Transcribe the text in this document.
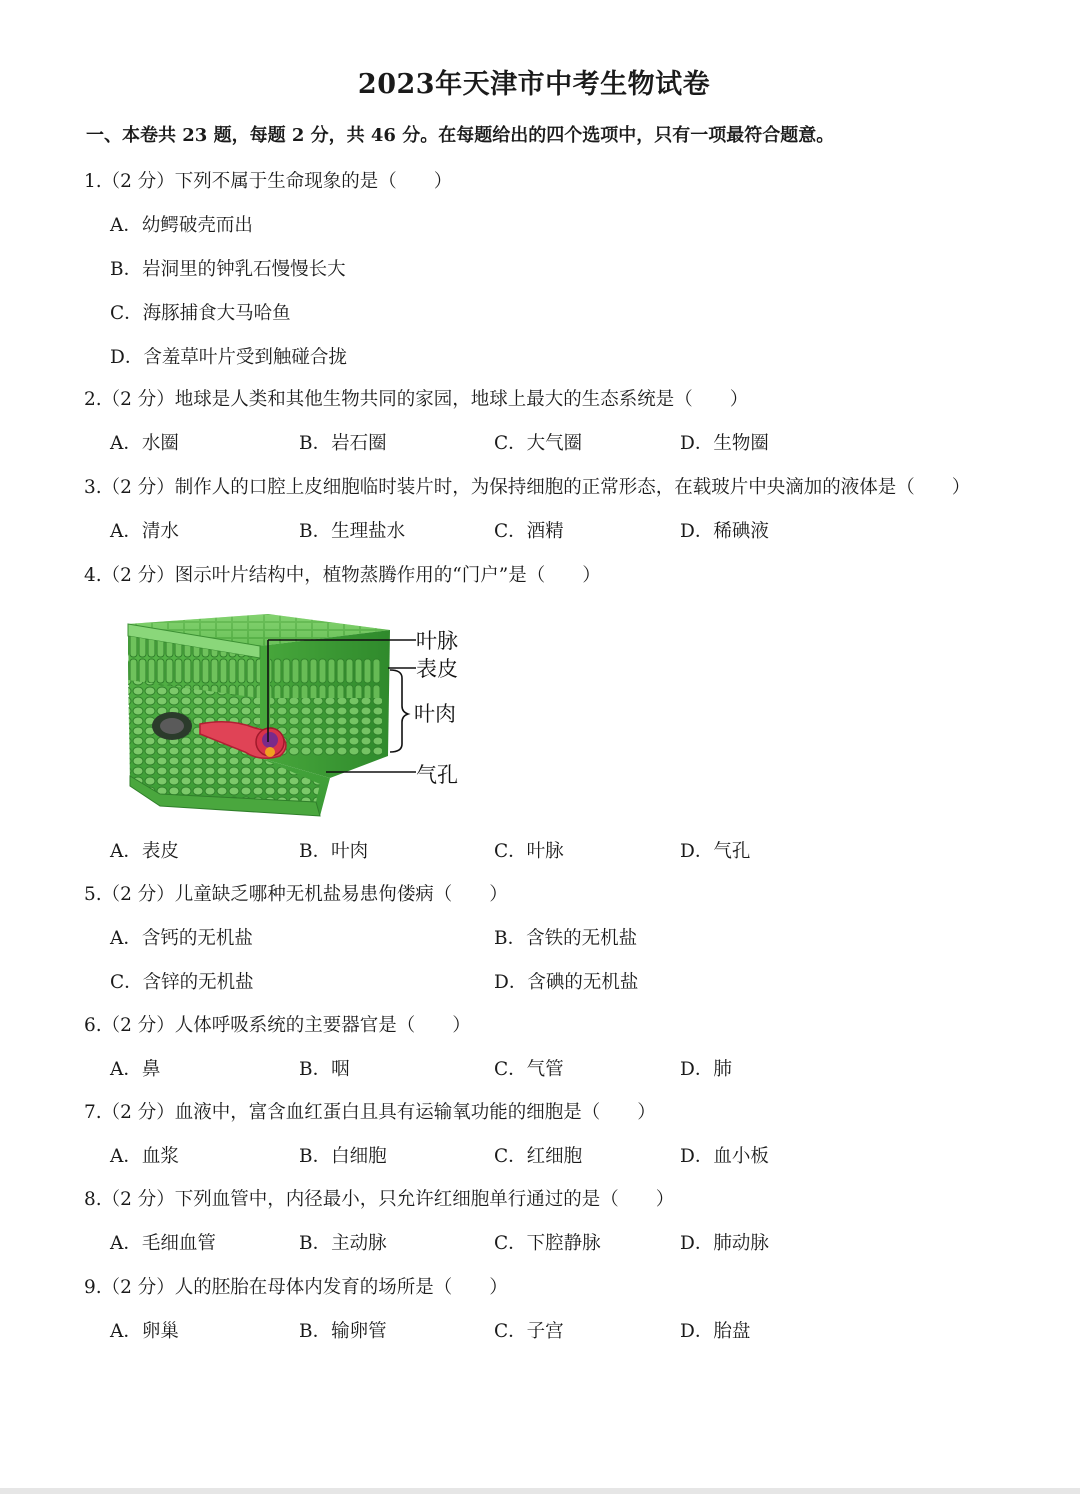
2023年天津市中考生物试卷
一、本卷共 23 题，每题 2 分，共 46 分。在每题给出的四个选项中，只有一项最符合题意。
1.（2 分）下列不属于生命现象的是（　　）
A．幼鳄破壳而出
B．岩洞里的钟乳石慢慢长大
C．海豚捕食大马哈鱼
D．含羞草叶片受到触碰合拢
2.（2 分）地球是人类和其他生物共同的家园，地球上最大的生态系统是（　　）
A．水圈	B．岩石圈	C．大气圈	D．生物圈
3.（2 分）制作人的口腔上皮细胞临时装片时，为保持细胞的正常形态，在载玻片中央滴加的液体是（　　）
A．清水	B．生理盐水	C．酒精	D．稀碘液
4.（2 分）图示叶片结构中，植物蒸腾作用的“门户”是（　　）
叶脉
表皮
叶肉
气孔
A．表皮	B．叶肉	C．叶脉	D．气孔
5.（2 分）儿童缺乏哪种无机盐易患佝偻病（　　）
A．含钙的无机盐	B．含铁的无机盐
C．含锌的无机盐	D．含碘的无机盐
6.（2 分）人体呼吸系统的主要器官是（　　）
A．鼻	B．咽	C．气管	D．肺
7.（2 分）血液中，富含血红蛋白且具有运输氧功能的细胞是（　　）
A．血浆	B．白细胞	C．红细胞	D．血小板
8.（2 分）下列血管中，内径最小，只允许红细胞单行通过的是（　　）
A．毛细血管	B．主动脉	C．下腔静脉	D．肺动脉
9.（2 分）人的胚胎在母体内发育的场所是（　　）
A．卵巢	B．输卵管	C．子宫	D．胎盘
